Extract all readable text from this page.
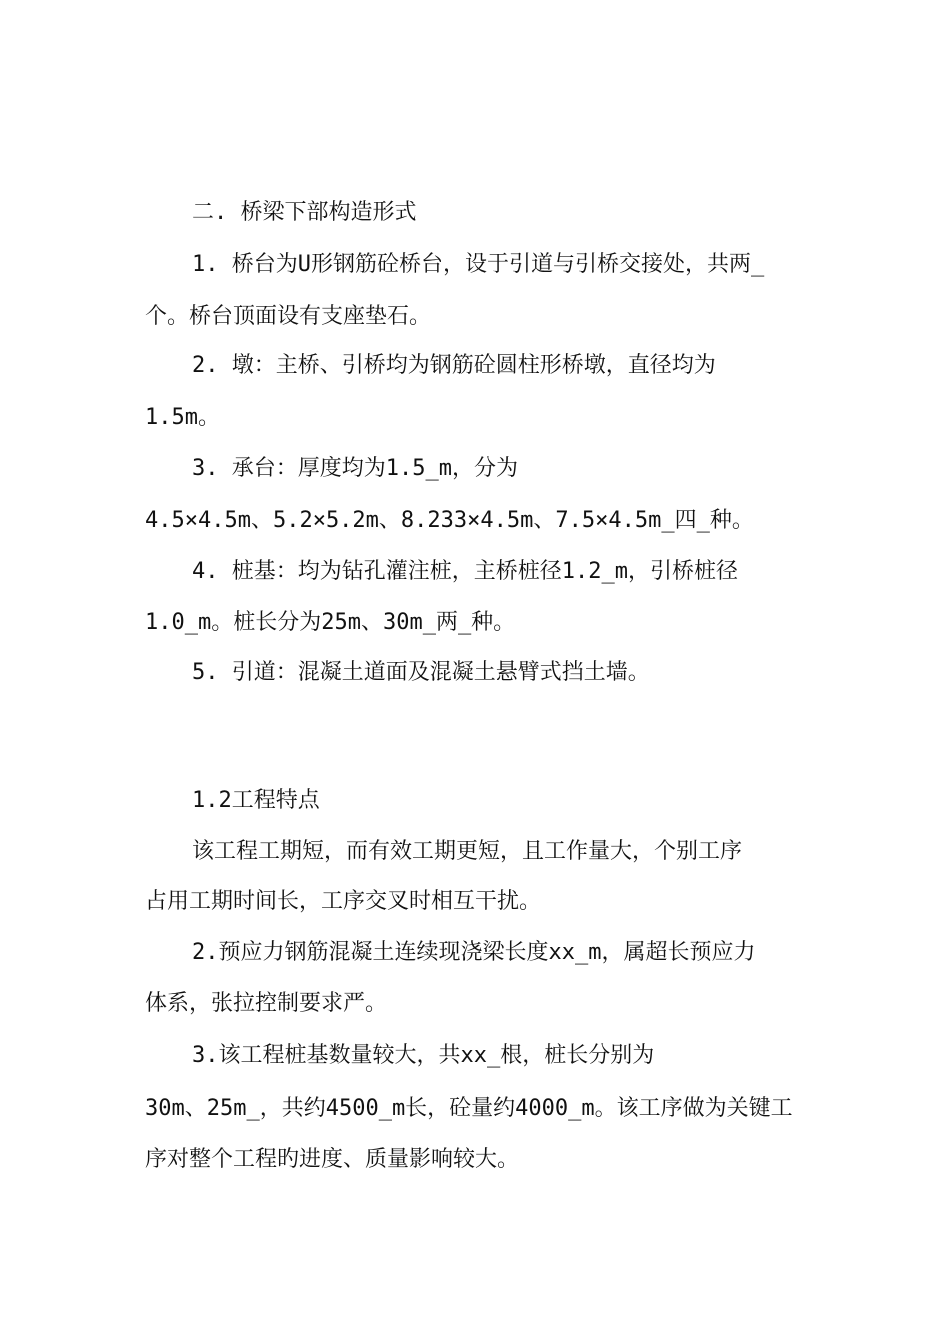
二. 桥梁下部构造形式
1. 桥台为U形钢筋砼桥台，设于引道与引桥交接处，共两_
个。桥台顶面设有支座垫石。
2. 墩：主桥、引桥均为钢筋砼圆柱形桥墩，直径均为
1.5m。
3. 承台：厚度均为1.5_m，分为
4.5×4.5m、5.2×5.2m、8.233×4.5m、7.5×4.5m_四_种。
4. 桩基：均为钻孔灌注桩，主桥桩径1.2_m，引桥桩径
1.0_m。桩长分为25m、30m_两_种。
5. 引道：混凝土道面及混凝土悬臂式挡土墙。
1.2工程特点
该工程工期短，而有效工期更短，且工作量大，个别工序
占用工期时间长，工序交叉时相互干扰。
2.预应力钢筋混凝土连续现浇梁长度xx_m，属超长预应力
体系，张拉控制要求严。
3.该工程桩基数量较大，共xx_根，桩长分别为
30m、25m_，共约4500_m长，砼量约4000_m。该工序做为关键工
序对整个工程旳进度、质量影响较大。
